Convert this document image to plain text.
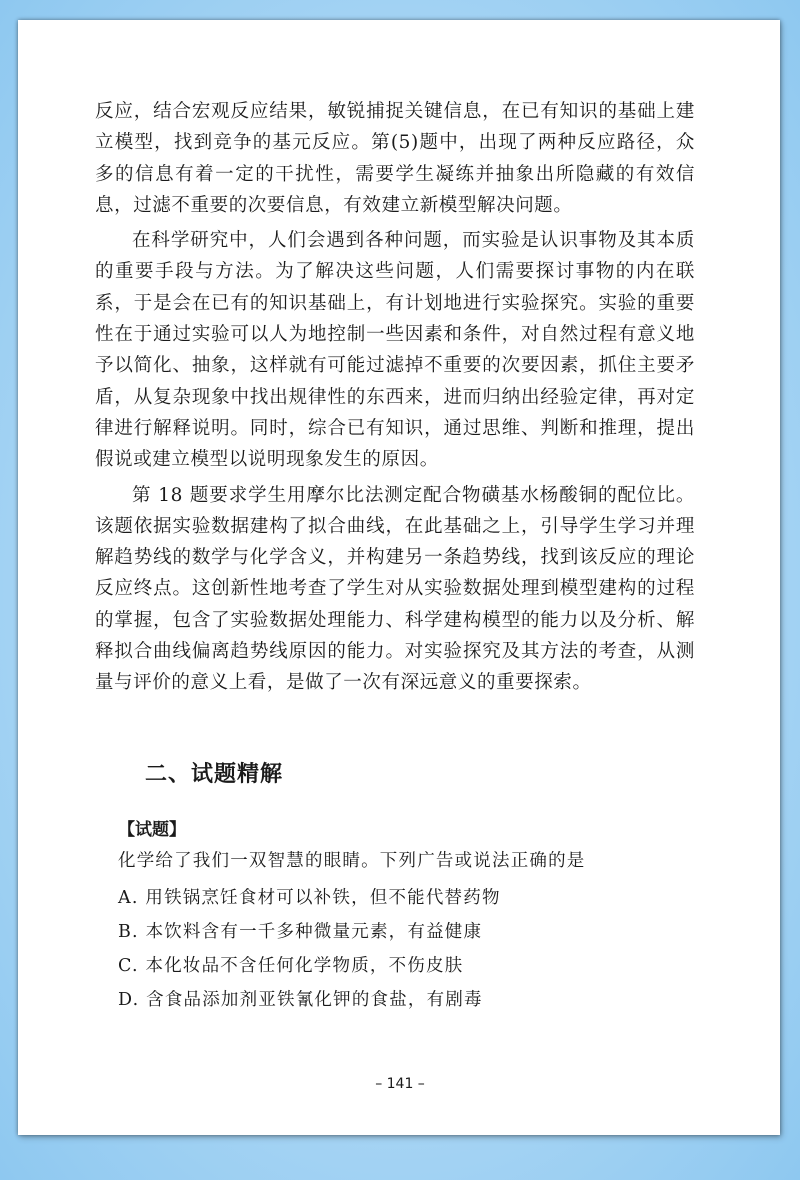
反应，结合宏观反应结果，敏锐捕捉关键信息，在已有知识的基础上建立模型，找到竞争的基元反应。第(5)题中，出现了两种反应路径，众多的信息有着一定的干扰性，需要学生凝练并抽象出所隐藏的有效信息，过滤不重要的次要信息，有效建立新模型解决问题。

在科学研究中，人们会遇到各种问题，而实验是认识事物及其本质的重要手段与方法。为了解决这些问题，人们需要探讨事物的内在联系，于是会在已有的知识基础上，有计划地进行实验探究。实验的重要性在于通过实验可以人为地控制一些因素和条件，对自然过程有意义地予以简化、抽象，这样就有可能过滤掉不重要的次要因素，抓住主要矛盾，从复杂现象中找出规律性的东西来，进而归纳出经验定律，再对定律进行解释说明。同时，综合已有知识，通过思维、判断和推理，提出假说或建立模型以说明现象发生的原因。

第 18 题要求学生用摩尔比法测定配合物磺基水杨酸铜的配位比。该题依据实验数据建构了拟合曲线，在此基础之上，引导学生学习并理解趋势线的数学与化学含义，并构建另一条趋势线，找到该反应的理论反应终点。这创新性地考查了学生对从实验数据处理到模型建构的过程的掌握，包含了实验数据处理能力、科学建构模型的能力以及分析、解释拟合曲线偏离趋势线原因的能力。对实验探究及其方法的考查，从测量与评价的意义上看，是做了一次有深远意义的重要探索。

二、试题精解

【试题】

化学给了我们一双智慧的眼睛。下列广告或说法正确的是

A. 用铁锅烹饪食材可以补铁，但不能代替药物
B. 本饮料含有一千多种微量元素，有益健康
C. 本化妆品不含任何化学物质，不伤皮肤
D. 含食品添加剂亚铁氰化钾的食盐，有剧毒

– 141 –
